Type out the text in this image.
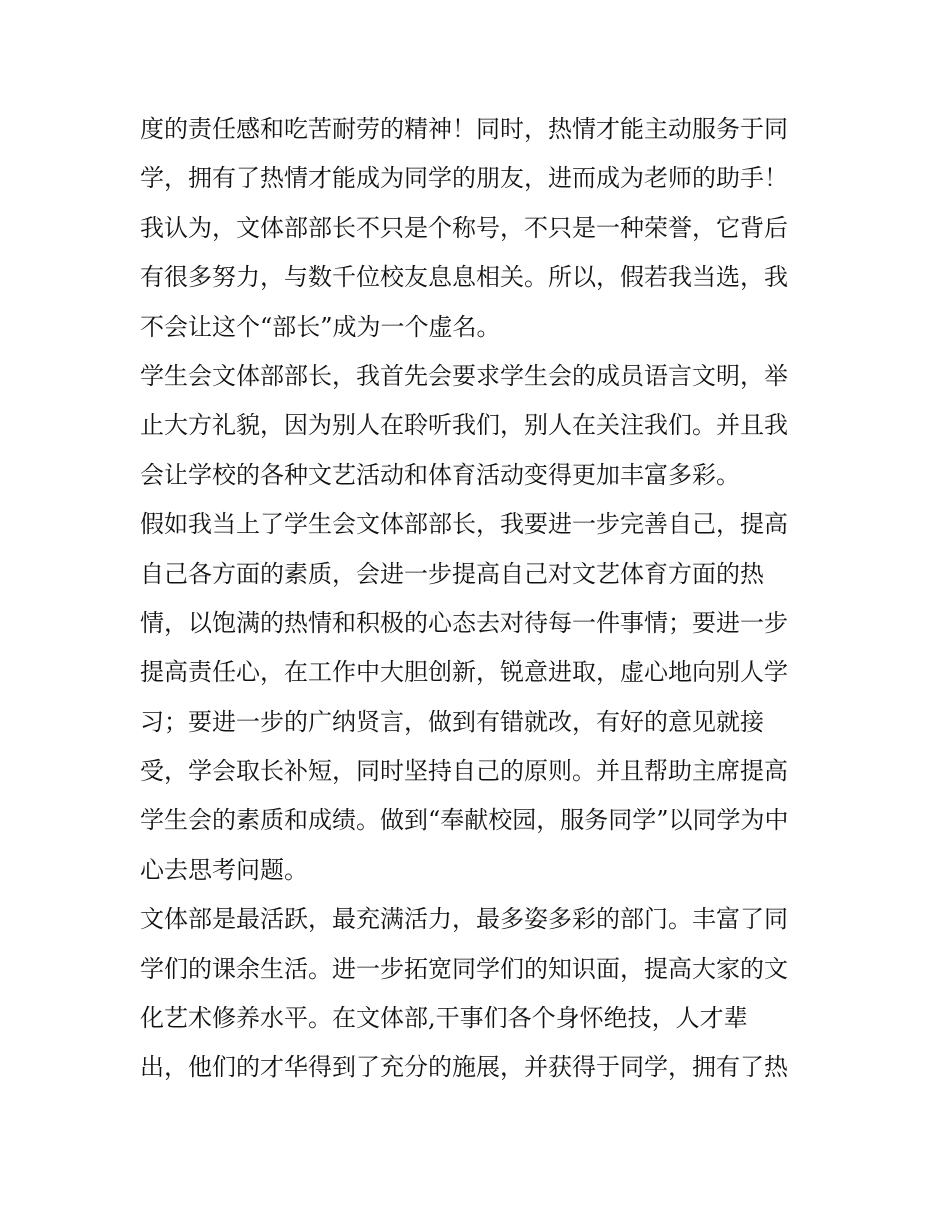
度的责任感和吃苦耐劳的精神！同时，热情才能主动服务于同
学，拥有了热情才能成为同学的朋友，进而成为老师的助手！
我认为，文体部部长不只是个称号，不只是一种荣誉，它背后
有很多努力，与数千位校友息息相关。所以，假若我当选，我
不会让这个“部长”成为一个虚名。
学生会文体部部长，我首先会要求学生会的成员语言文明，举
止大方礼貌，因为别人在聆听我们，别人在关注我们。并且我
会让学校的各种文艺活动和体育活动变得更加丰富多彩。
假如我当上了学生会文体部部长，我要进一步完善自己，提高
自己各方面的素质，会进一步提高自己对文艺体育方面的热
情，以饱满的热情和积极的心态去对待每一件事情；要进一步
提高责任心，在工作中大胆创新，锐意进取，虚心地向别人学
习；要进一步的广纳贤言，做到有错就改，有好的意见就接
受，学会取长补短，同时坚持自己的原则。并且帮助主席提高
学生会的素质和成绩。做到“奉献校园，服务同学”以同学为中
心去思考问题。
文体部是最活跃，最充满活力，最多姿多彩的部门。丰富了同
学们的课余生活。进一步拓宽同学们的知识面，提高大家的文
化艺术修养水平。在文体部,干事们各个身怀绝技，人才辈
出，他们的才华得到了充分的施展，并获得于同学，拥有了热
